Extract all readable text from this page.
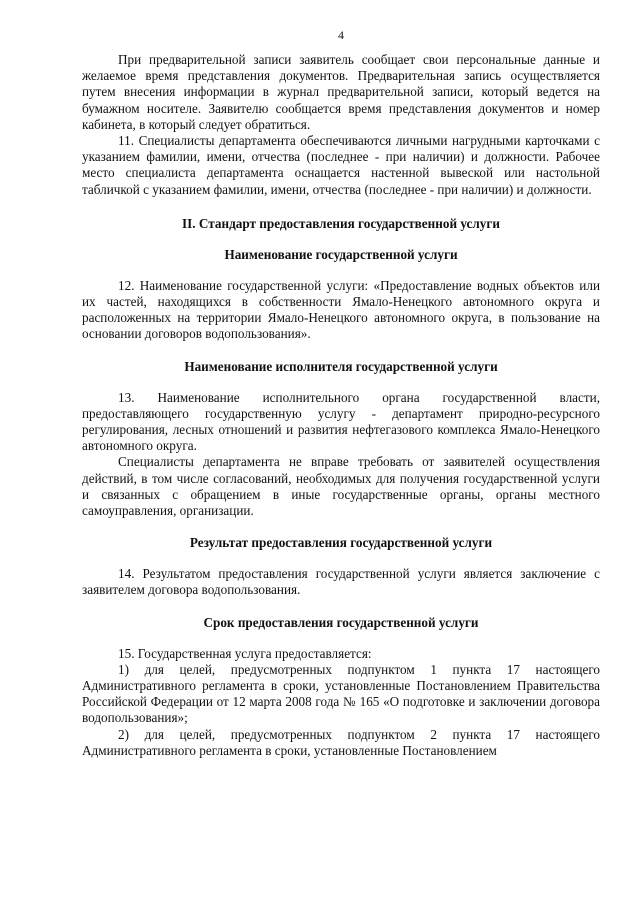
4

При предварительной записи заявитель сообщает свои персональные данные и желаемое время представления документов. Предварительная запись осуществляется путем внесения информации в журнал предварительной записи, который ведется на бумажном носителе. Заявителю сообщается время представления документов и номер кабинета, в который следует обратиться.

11. Специалисты департамента обеспечиваются личными нагрудными карточками с указанием фамилии, имени, отчества (последнее - при наличии) и должности. Рабочее место специалиста департамента оснащается настенной вывеской или настольной табличкой с указанием фамилии, имени, отчества (последнее - при наличии) и должности.

II. Стандарт предоставления государственной услуги
Наименование государственной услуги

12. Наименование государственной услуги: «Предоставление водных объектов или их частей, находящихся в собственности Ямало-Ненецкого автономного округа и расположенных на территории Ямало-Ненецкого автономного округа, в пользование на основании договоров водопользования».

Наименование исполнителя государственной услуги

13. Наименование исполнительного органа государственной власти, предоставляющего государственную услугу - департамент природно-ресурсного регулирования, лесных отношений и развития нефтегазового комплекса Ямало-Ненецкого автономного округа.

Специалисты департамента не вправе требовать от заявителей осуществления действий, в том числе согласований, необходимых для получения государственной услуги и связанных с обращением в иные государственные органы, органы местного самоуправления, организации.

Результат предоставления государственной услуги

14. Результатом предоставления государственной услуги является заключение с заявителем договора водопользования.

Срок предоставления государственной услуги

15. Государственная услуга предоставляется:

1) для целей, предусмотренных подпунктом 1 пункта 17 настоящего Административного регламента в сроки, установленные Постановлением Правительства Российской Федерации от 12 марта 2008 года № 165 «О подготовке и заключении договора водопользования»;

2) для целей, предусмотренных подпунктом 2 пункта 17 настоящего Административного регламента в сроки, установленные Постановлением
